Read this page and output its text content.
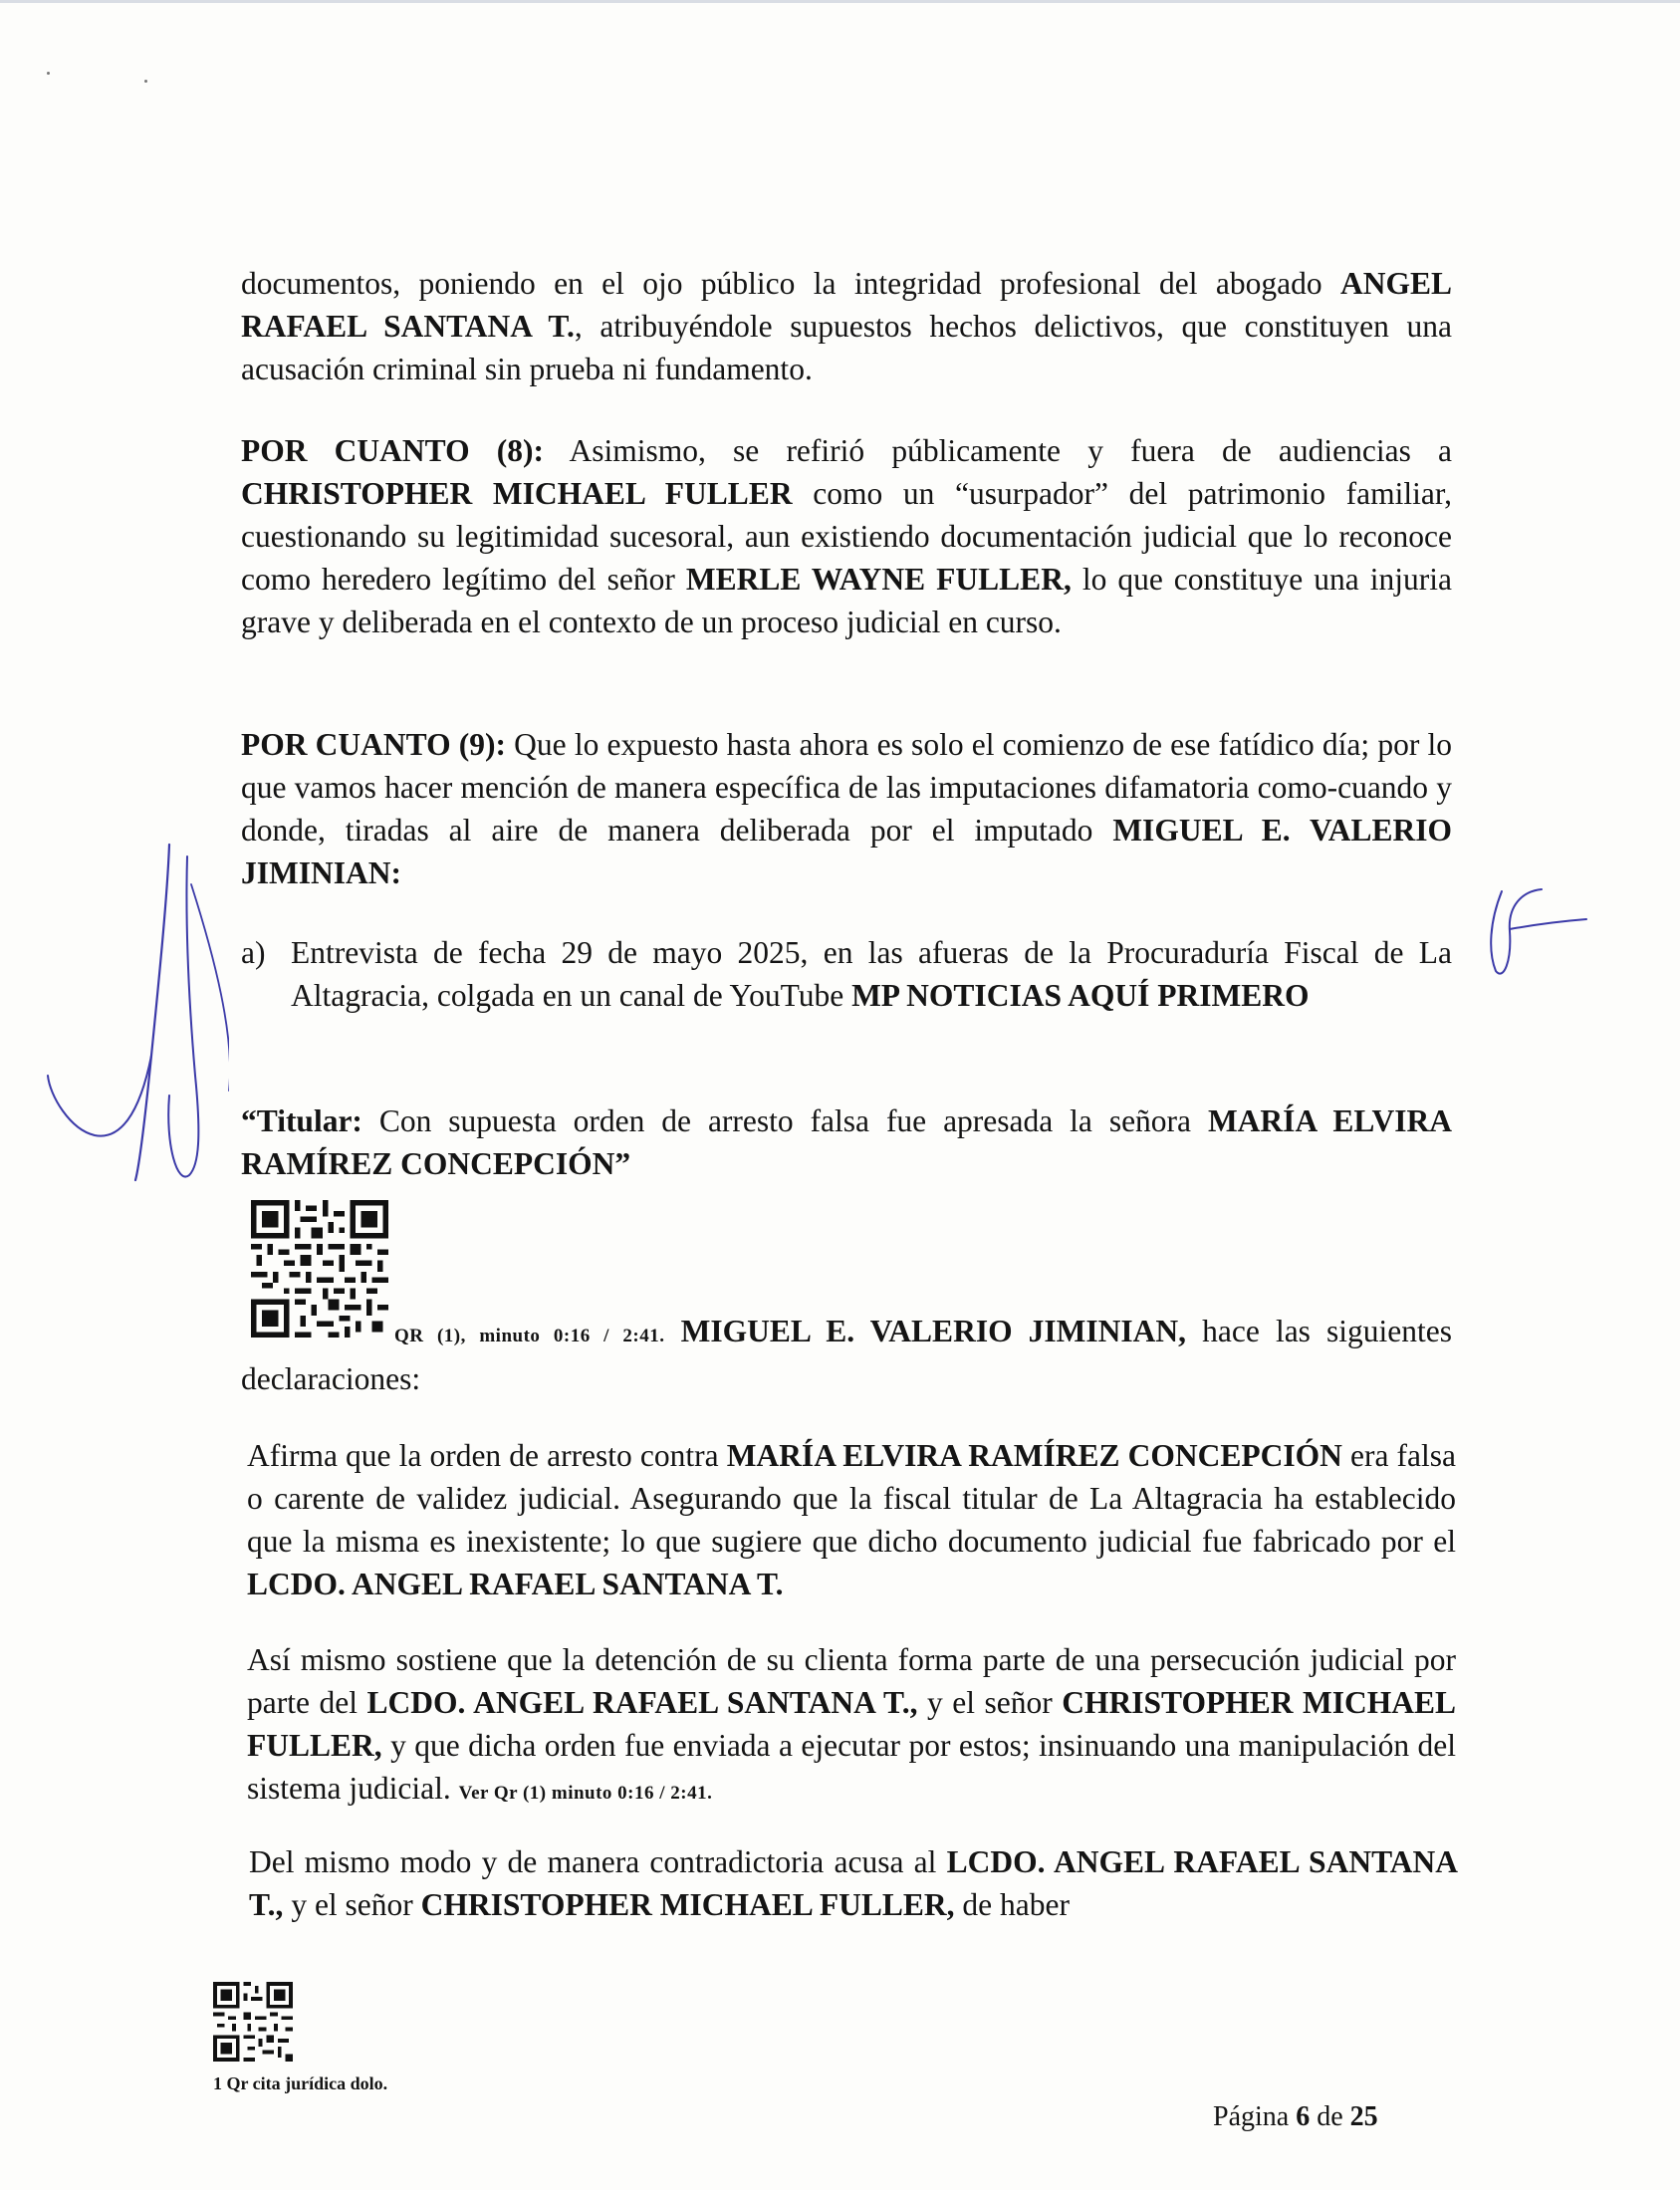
documentos, poniendo en el ojo público la integridad profesional del abogado ANGEL RAFAEL SANTANA T., atribuyéndole supuestos hechos delictivos, que constituyen una acusación criminal sin prueba ni fundamento.
POR CUANTO (8): Asimismo, se refirió públicamente y fuera de audiencias a CHRISTOPHER MICHAEL FULLER como un “usurpador” del patrimonio familiar, cuestionando su legitimidad sucesoral, aun existiendo documentación judicial que lo reconoce como heredero legítimo del señor MERLE WAYNE FULLER, lo que constituye una injuria grave y deliberada en el contexto de un proceso judicial en curso.
POR CUANTO (9): Que lo expuesto hasta ahora es solo el comienzo de ese fatídico día; por lo que vamos hacer mención de manera específica de las imputaciones difamatoria como-cuando y donde, tiradas al aire de manera deliberada por el imputado MIGUEL E. VALERIO JIMINIAN:
a) Entrevista de fecha 29 de mayo 2025, en las afueras de la Procuraduría Fiscal de La Altagracia, colgada en un canal de YouTube MP NOTICIAS AQUÍ PRIMERO
“Titular: Con supuesta orden de arresto falsa fue apresada la señora MARÍA ELVIRA RAMÍREZ CONCEPCIÓN”
QR (1), minuto 0:16 / 2:41. MIGUEL E. VALERIO JIMINIAN, hace las siguientes declaraciones:
Afirma que la orden de arresto contra MARÍA ELVIRA RAMÍREZ CONCEPCIÓN era falsa o carente de validez judicial. Asegurando que la fiscal titular de La Altagracia ha establecido que la misma es inexistente; lo que sugiere que dicho documento judicial fue fabricado por el LCDO. ANGEL RAFAEL SANTANA T.
Así mismo sostiene que la detención de su clienta forma parte de una persecución judicial por parte del LCDO. ANGEL RAFAEL SANTANA T., y el señor CHRISTOPHER MICHAEL FULLER, y que dicha orden fue enviada a ejecutar por estos; insinuando una manipulación del sistema judicial. Ver Qr (1) minuto 0:16 / 2:41.
Del mismo modo y de manera contradictoria acusa al LCDO. ANGEL RAFAEL SANTANA T., y el señor CHRISTOPHER MICHAEL FULLER, de haber
1 Qr cita jurídica dolo.
Página 6 de 25
